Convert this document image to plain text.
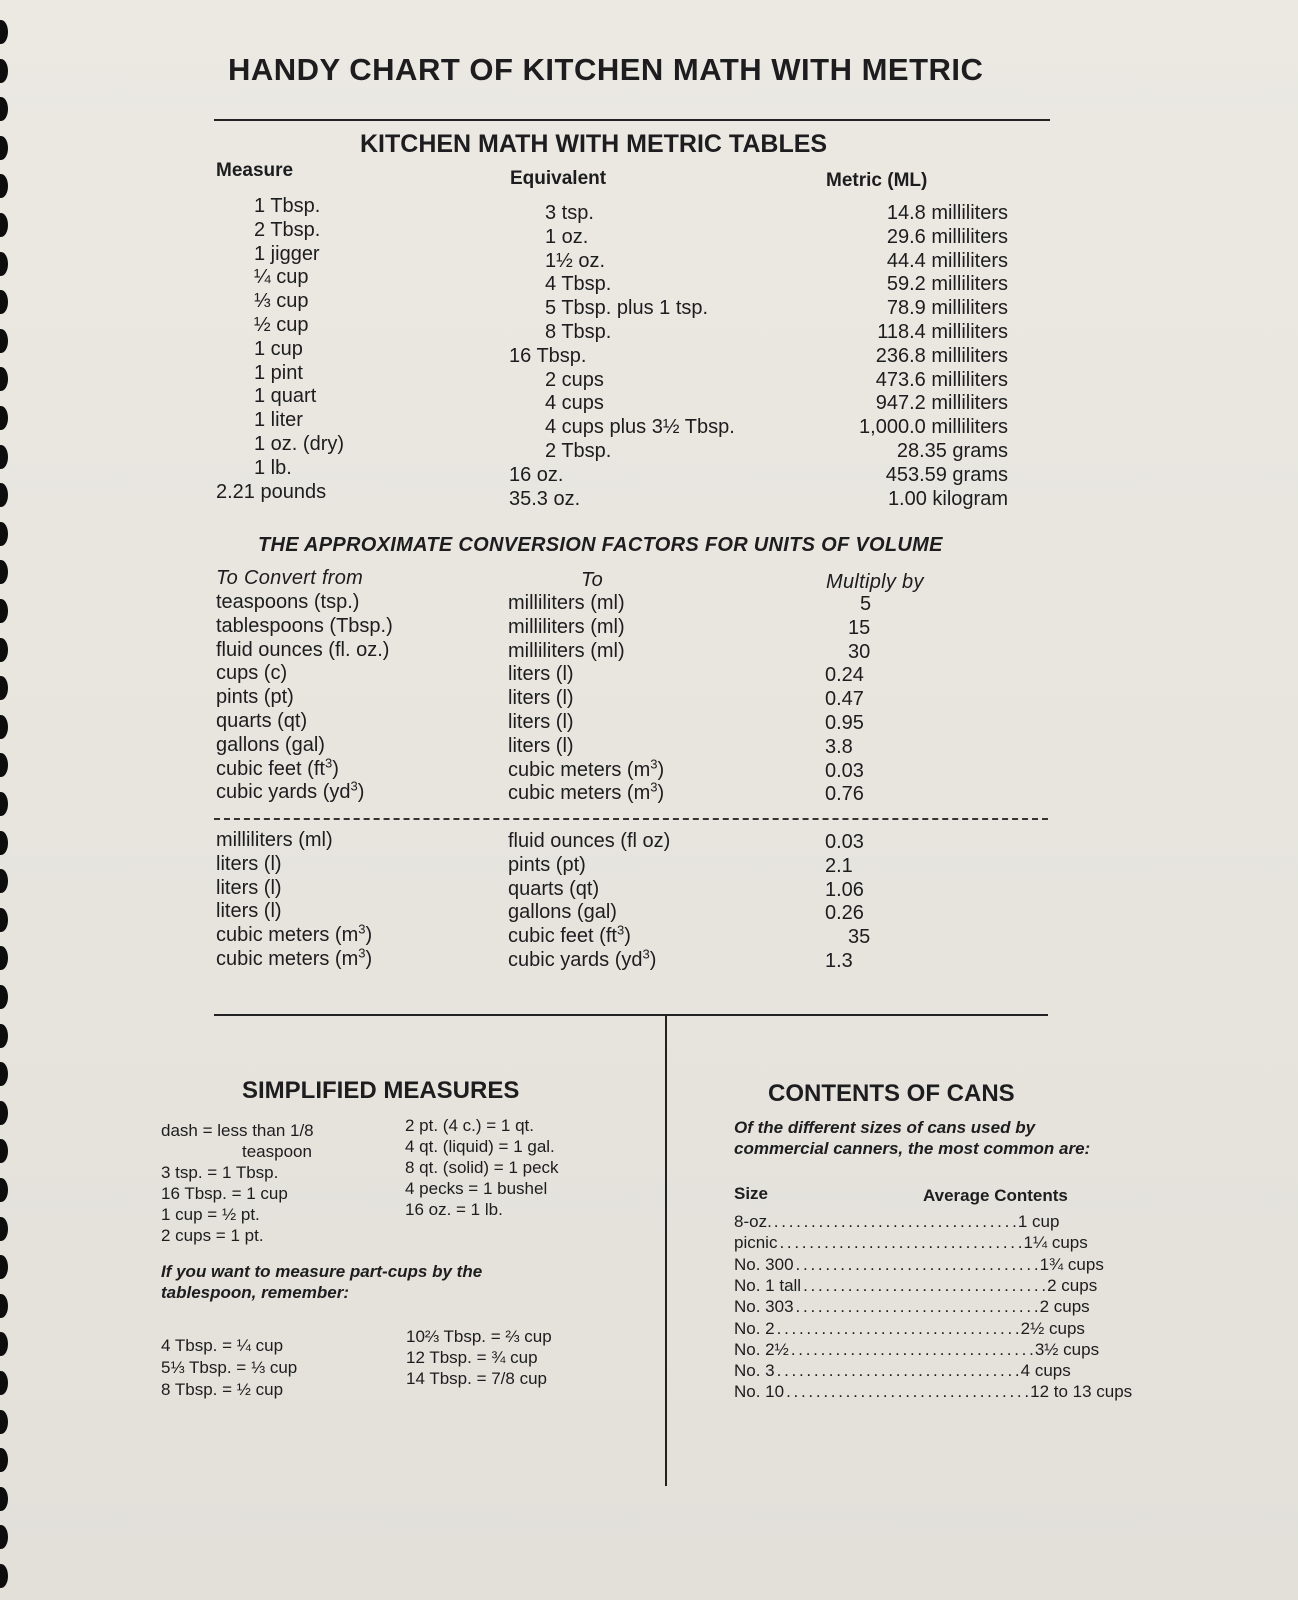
HANDY CHART OF KITCHEN MATH WITH METRIC
KITCHEN MATH WITH METRIC TABLES
Measure	Equivalent	Metric (ML)
1 Tbsp.	3 tsp.	14.8 milliliters
2 Tbsp.	1 oz.	29.6 milliliters
1 jigger	1½ oz.	44.4 milliliters
¼ cup	4 Tbsp.	59.2 milliliters
⅓ cup	5 Tbsp. plus 1 tsp.	78.9 milliliters
½ cup	8 Tbsp.	118.4 milliliters
1 cup	16 Tbsp.	236.8 milliliters
1 pint	2 cups	473.6 milliliters
1 quart	4 cups	947.2 milliliters
1 liter	4 cups plus 3½ Tbsp.	1,000.0 milliliters
1 oz. (dry)	2 Tbsp.	28.35 grams
1 lb.	16 oz.	453.59 grams
2.21 pounds	35.3 oz.	1.00 kilogram
THE APPROXIMATE CONVERSION FACTORS FOR UNITS OF VOLUME
To Convert from	To	Multiply by
teaspoons (tsp.)	milliliters (ml)	5
tablespoons (Tbsp.)	milliliters (ml)	15
fluid ounces (fl. oz.)	milliliters (ml)	30
cups (c)	liters (l)	0.24
pints (pt)	liters (l)	0.47
quarts (qt)	liters (l)	0.95
gallons (gal)	liters (l)	3.8
cubic feet $(ft^3)$	cubic meters $(m^3)$	0.03
cubic yards $(yd^3)$	cubic meters $(m^3)$	0.76
milliliters (ml)	fluid ounces (fl oz)	0.03
liters (l)	pints (pt)	2.1
liters (l)	quarts (qt)	1.06
liters (l)	gallons (gal)	0.26
cubic meters $(m^3)$	cubic feet $(ft^3)$	35
cubic meters $(m^3)$	cubic yards $(yd^3)$	1.3
SIMPLIFIED MEASURES
dash = less than 1/8
teaspoon
3 tsp. = 1 Tbsp.
16 Tbsp. = 1 cup
1 cup = ½ pt.
2 cups = 1 pt.
2 pt. (4 c.) = 1 qt.
4 qt. (liquid) = 1 gal.
8 qt. (solid) = 1 peck
4 pecks = 1 bushel
16 oz. = 1 lb.
If you want to measure part-cups by the tablespoon, remember:
4 Tbsp. = ¼ cup
5⅓ Tbsp. = ⅓ cup
8 Tbsp. = ½ cup
10⅔ Tbsp. = ⅔ cup
12 Tbsp. = ¾ cup
14 Tbsp. = 7/8 cup
CONTENTS OF CANS
Of the different sizes of cans used by commercial canners, the most common are:
Size	Average Contents
8-oz. . . . . . . . . . . . . . . . . . . . . . . . . . . . . . . . . . 1 cup
picnic . . . . . . . . . . . . . . . . . . . . . . . . . . . . . . . . . 1¼ cups
No. 300 . . . . . . . . . . . . . . . . . . . . . . . . . . . . . . . . . 1¾ cups
No. 1 tall . . . . . . . . . . . . . . . . . . . . . . . . . . . . . . . . . 2 cups
No. 303 . . . . . . . . . . . . . . . . . . . . . . . . . . . . . . . . . 2 cups
No. 2 . . . . . . . . . . . . . . . . . . . . . . . . . . . . . . . . . 2½ cups
No. 2½ . . . . . . . . . . . . . . . . . . . . . . . . . . . . . . . . . 3½ cups
No. 3 . . . . . . . . . . . . . . . . . . . . . . . . . . . . . . . . . 4 cups
No. 10 . . . . . . . . . . . . . . . . . . . . . . . . . . . . . . . . . 12 to 13 cups
